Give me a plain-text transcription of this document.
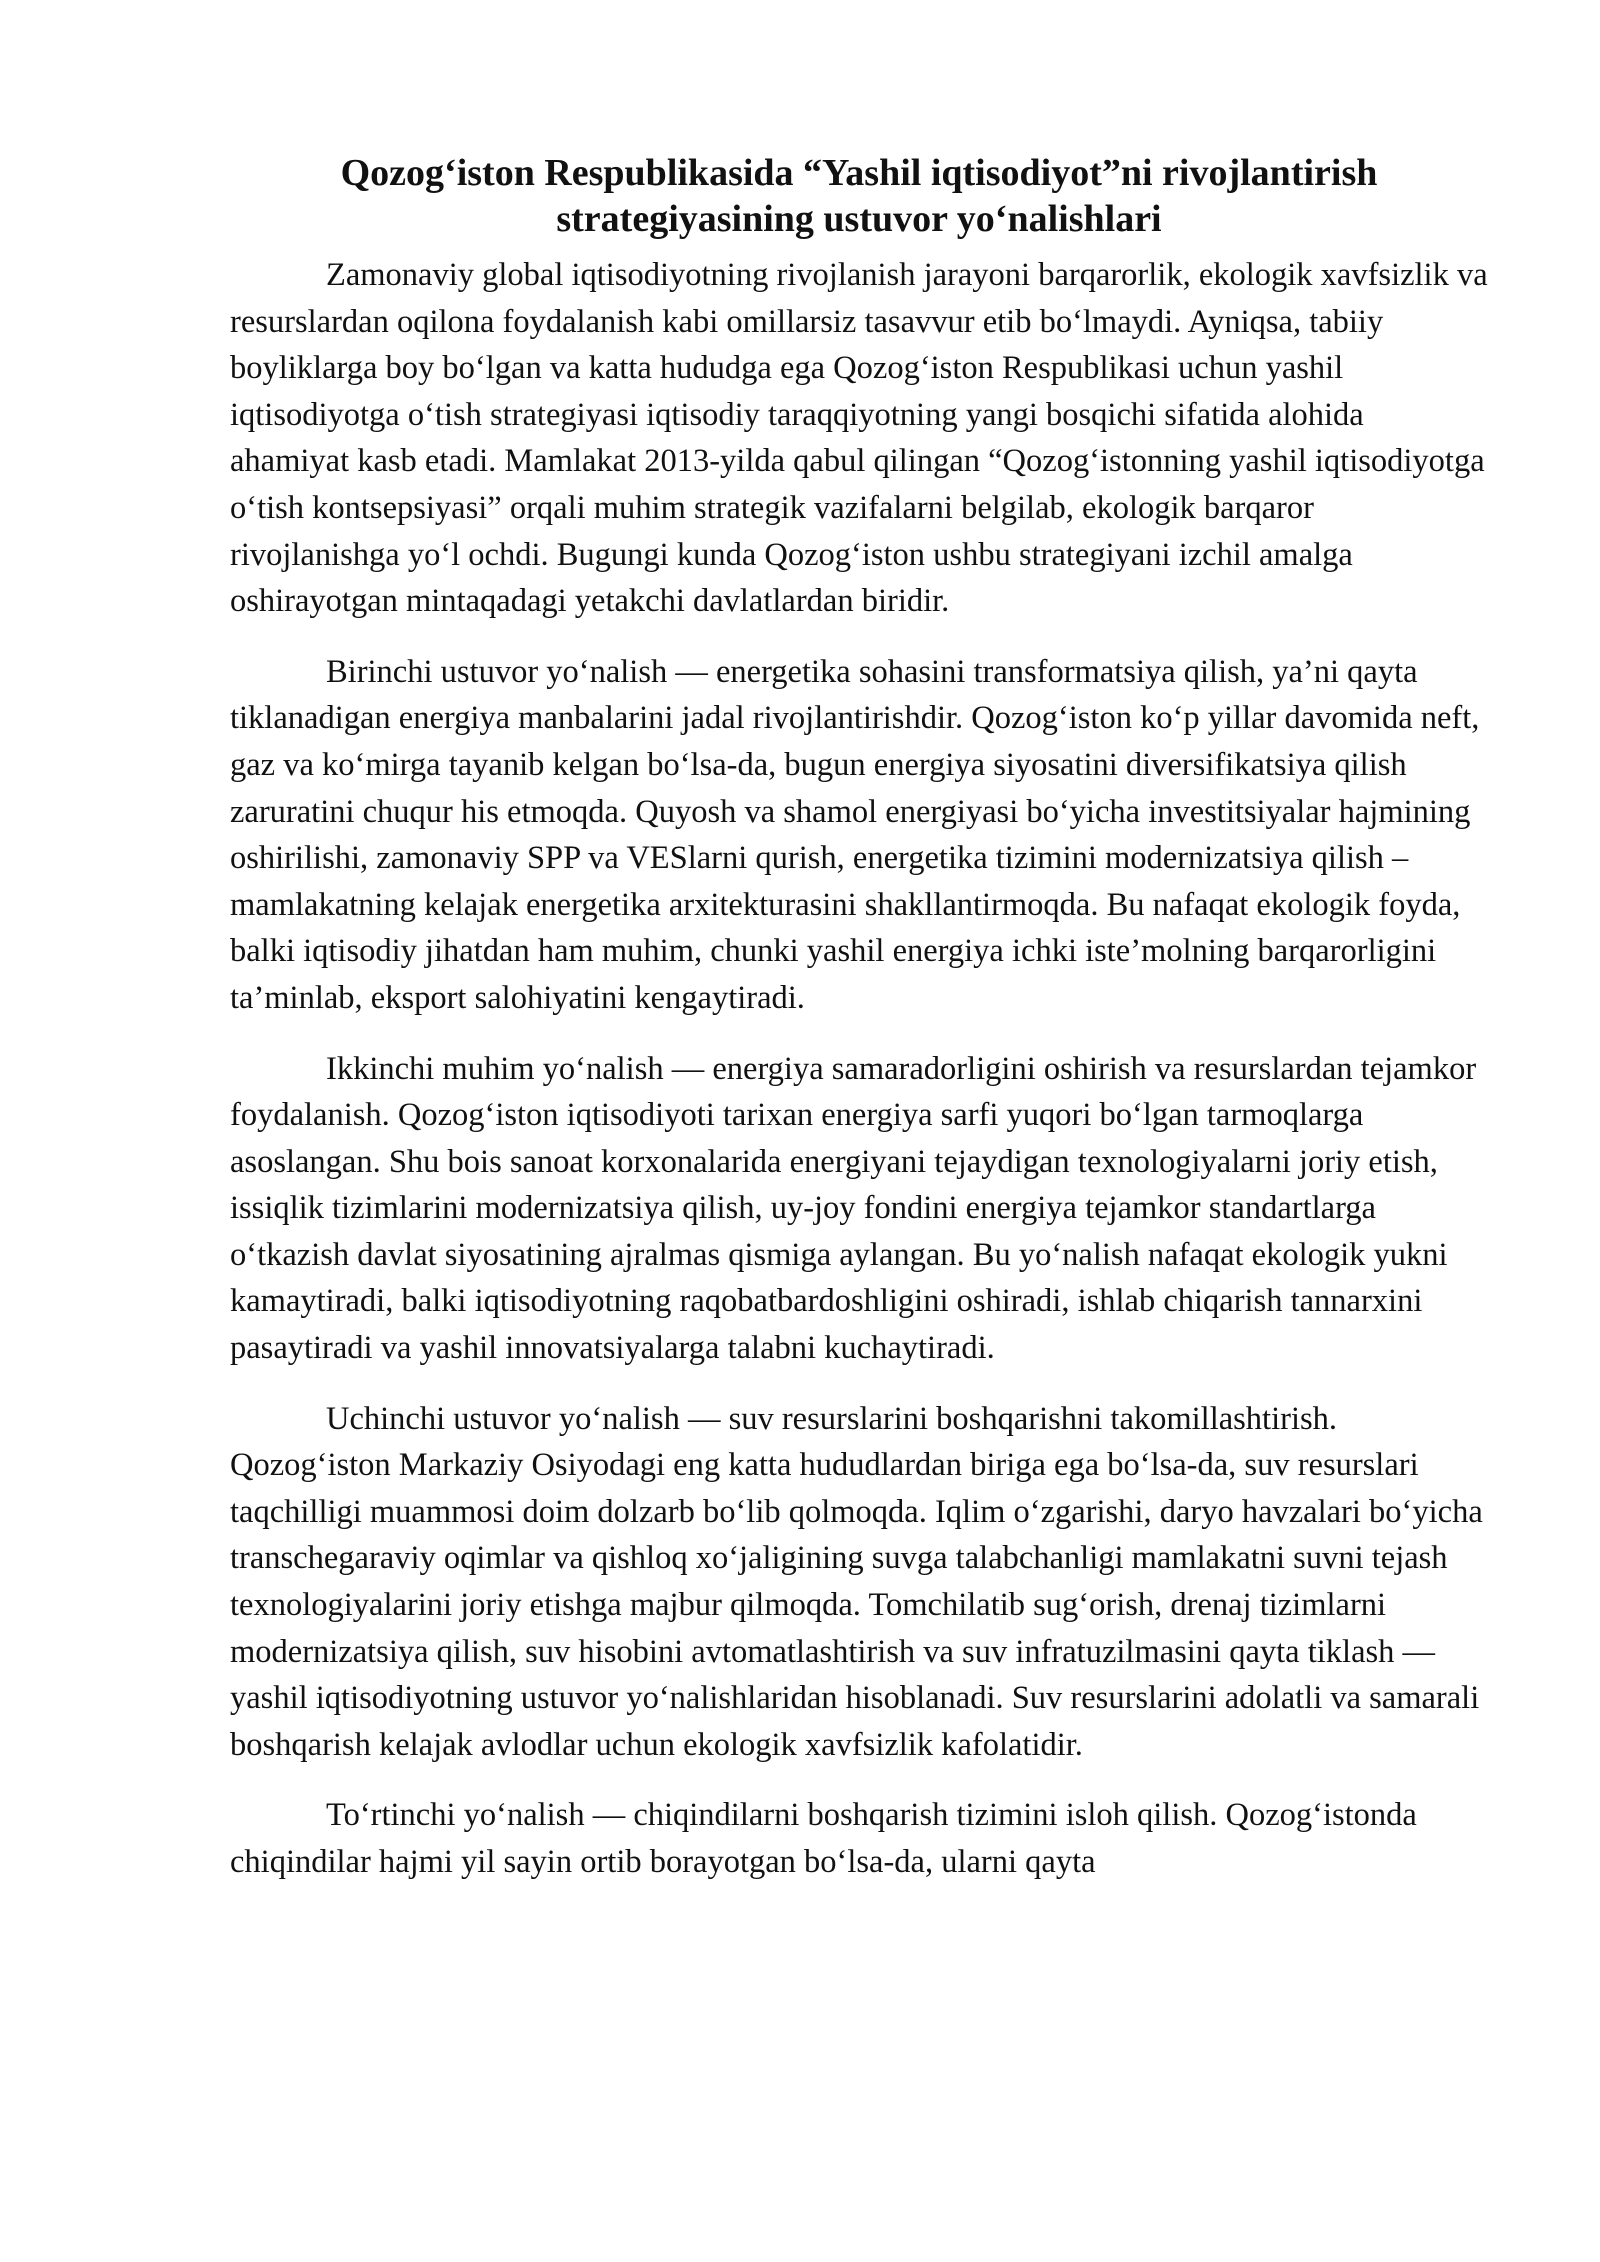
Qozog‘iston Respublikasida “Yashil iqtisodiyot”ni rivojlantirish strategiyasining ustuvor yo‘nalishlari

Zamonaviy global iqtisodiyotning rivojlanish jarayoni barqarorlik, ekologik xavfsizlik va resurslardan oqilona foydalanish kabi omillarsiz tasavvur etib bo‘lmaydi. Ayniqsa, tabiiy boyliklarga boy bo‘lgan va katta hududga ega Qozog‘iston Respublikasi uchun yashil iqtisodiyotga o‘tish strategiyasi iqtisodiy taraqqiyotning yangi bosqichi sifatida alohida ahamiyat kasb etadi. Mamlakat 2013-yilda qabul qilingan “Qozog‘istonning yashil iqtisodiyotga o‘tish kontsepsiyasi” orqali muhim strategik vazifalarni belgilab, ekologik barqaror rivojlanishga yo‘l ochdi. Bugungi kunda Qozog‘iston ushbu strategiyani izchil amalga oshirayotgan mintaqadagi yetakchi davlatlardan biridir.

Birinchi ustuvor yo‘nalish — energetika sohasini transformatsiya qilish, ya’ni qayta tiklanadigan energiya manbalarini jadal rivojlantirishdir. Qozog‘iston ko‘p yillar davomida neft, gaz va ko‘mirga tayanib kelgan bo‘lsa-da, bugun energiya siyosatini diversifikatsiya qilish zaruratini chuqur his etmoqda. Quyosh va shamol energiyasi bo‘yicha investitsiyalar hajmining oshirilishi, zamonaviy SPP va VESlarni qurish, energetika tizimini modernizatsiya qilish – mamlakatning kelajak energetika arxitekturasini shakllantirmoqda. Bu nafaqat ekologik foyda, balki iqtisodiy jihatdan ham muhim, chunki yashil energiya ichki iste’molning barqarorligini ta’minlab, eksport salohiyatini kengaytiradi.

Ikkinchi muhim yo‘nalish — energiya samaradorligini oshirish va resurslardan tejamkor foydalanish. Qozog‘iston iqtisodiyoti tarixan energiya sarfi yuqori bo‘lgan tarmoqlarga asoslangan. Shu bois sanoat korxonalarida energiyani tejaydigan texnologiyalarni joriy etish, issiqlik tizimlarini modernizatsiya qilish, uy-joy fondini energiya tejamkor standartlarga o‘tkazish davlat siyosatining ajralmas qismiga aylangan. Bu yo‘nalish nafaqat ekologik yukni kamaytiradi, balki iqtisodiyotning raqobatbardoshligini oshiradi, ishlab chiqarish tannarxini pasaytiradi va yashil innovatsiyalarga talabni kuchaytiradi.

Uchinchi ustuvor yo‘nalish — suv resurslarini boshqarishni takomillashtirish. Qozog‘iston Markaziy Osiyodagi eng katta hududlardan biriga ega bo‘lsa-da, suv resurslari taqchilligi muammosi doim dolzarb bo‘lib qolmoqda. Iqlim o‘zgarishi, daryo havzalari bo‘yicha transchegaraviy oqimlar va qishloq xo‘jaligining suvga talabchanligi mamlakatni suvni tejash texnologiyalarini joriy etishga majbur qilmoqda. Tomchilatib sug‘orish, drenaj tizimlarni modernizatsiya qilish, suv hisobini avtomatlashtirish va suv infratuzilmasini qayta tiklash — yashil iqtisodiyotning ustuvor yo‘nalishlaridan hisoblanadi. Suv resurslarini adolatli va samarali boshqarish kelajak avlodlar uchun ekologik xavfsizlik kafolatidir.

To‘rtinchi yo‘nalish — chiqindilarni boshqarish tizimini isloh qilish. Qozog‘istonda chiqindilar hajmi yil sayin ortib borayotgan bo‘lsa-da, ularni qayta
